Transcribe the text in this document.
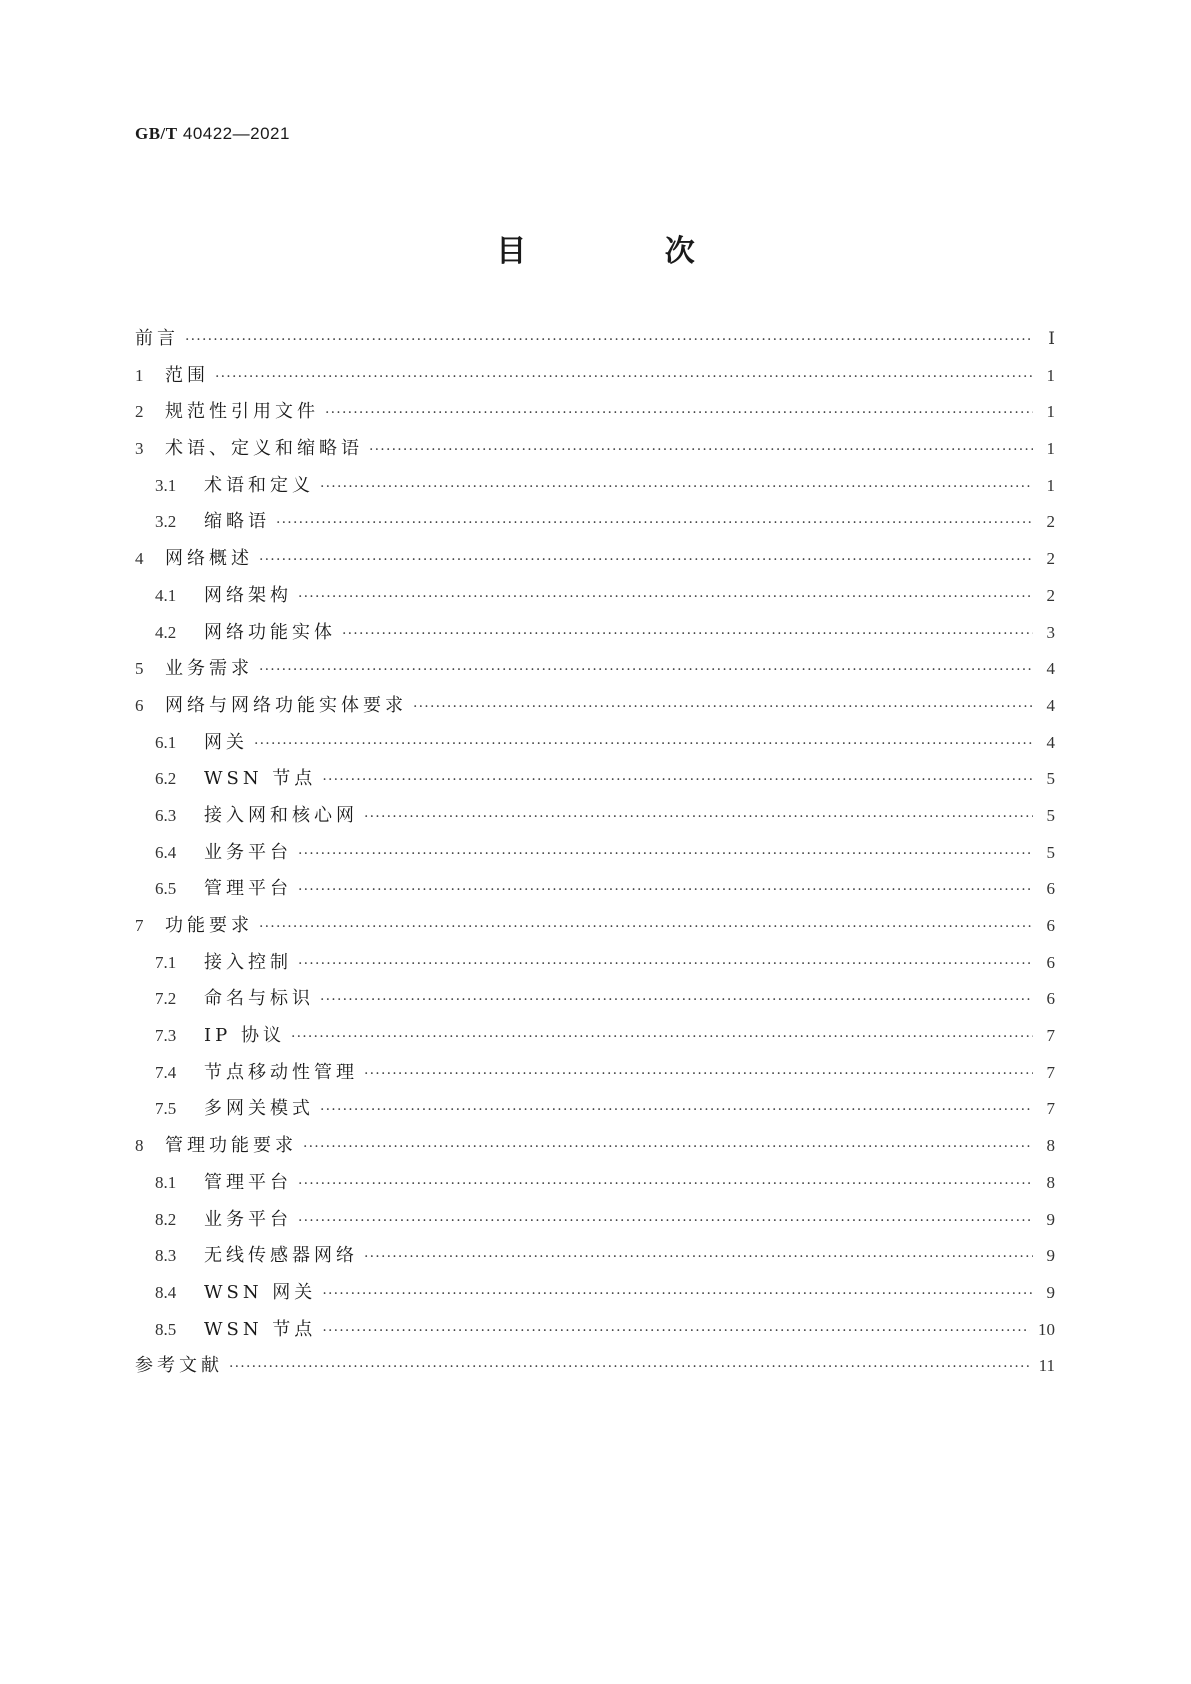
GB/T 40422—2021
目 次
前言 ·····	Ⅰ
1	范围 ·····	1
2	规范性引用文件 ·····	1
3	术语、定义和缩略语 ·····	1
3.1	术语和定义 ·····	1
3.2	缩略语 ·····	2
4	网络概述 ·····	2
4.1	网络架构 ·····	2
4.2	网络功能实体 ·····	3
5	业务需求 ·····	4
6	网络与网络功能实体要求 ·····	4
6.1	网关 ·····	4
6.2	WSN 节点 ·····	5
6.3	接入网和核心网 ·····	5
6.4	业务平台 ·····	5
6.5	管理平台 ·····	6
7	功能要求 ·····	6
7.1	接入控制 ·····	6
7.2	命名与标识 ·····	6
7.3	IP 协议 ·····	7
7.4	节点移动性管理 ·····	7
7.5	多网关模式 ·····	7
8	管理功能要求 ·····	8
8.1	管理平台 ·····	8
8.2	业务平台 ·····	9
8.3	无线传感器网络 ·····	9
8.4	WSN 网关 ·····	9
8.5	WSN 节点 ·····	10
参考文献 ·····	11
